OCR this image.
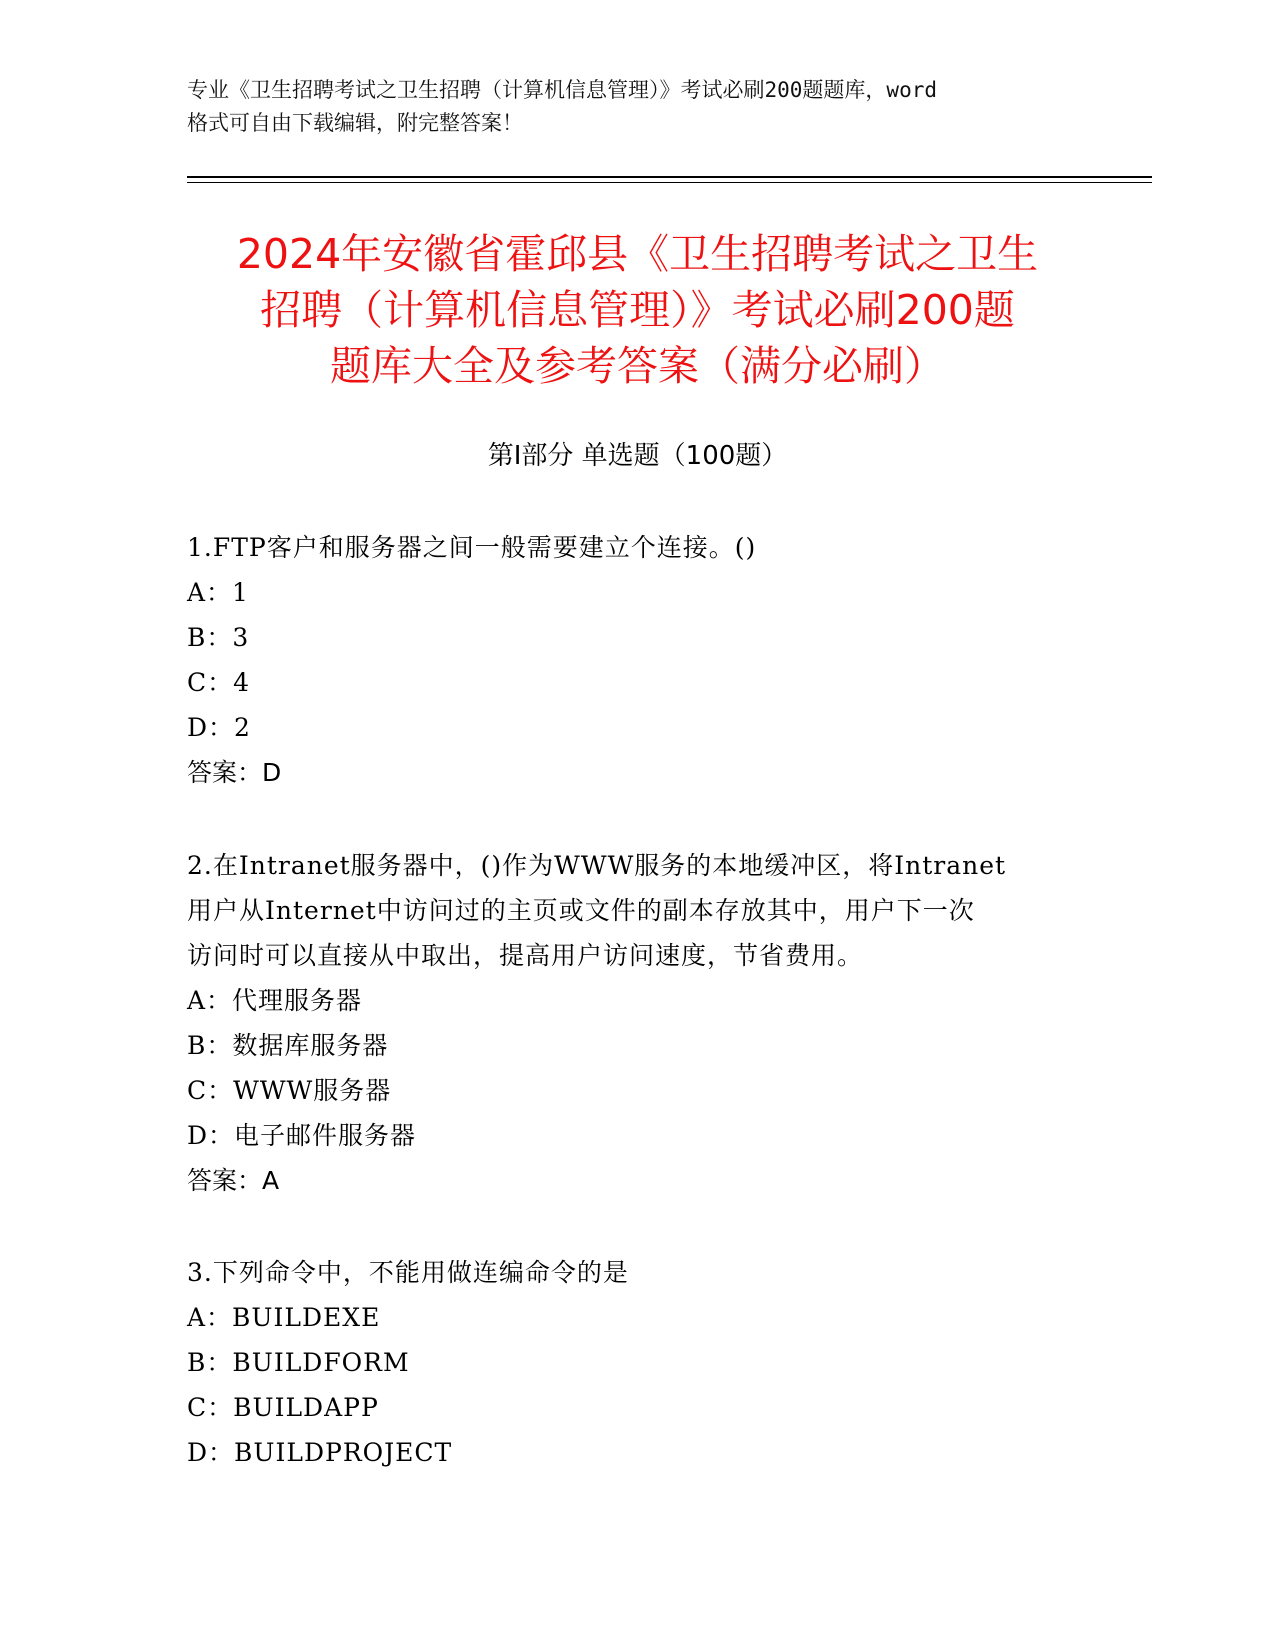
专业《卫生招聘考试之卫生招聘（计算机信息管理）》考试必刷200题题库，word
格式可自由下载编辑，附完整答案！
2024年安徽省霍邱县《卫生招聘考试之卫生
招聘（计算机信息管理）》考试必刷200题
题库大全及参考答案（满分必刷）
第Ⅰ部分 单选题（100题）
1.FTP客户和服务器之间一般需要建立个连接。()
A：1
B：3
C：4
D：2
答案：D
2.在Intranet服务器中，()作为WWW服务的本地缓冲区，将Intranet
用户从Internet中访问过的主页或文件的副本存放其中，用户下一次
访问时可以直接从中取出，提高用户访问速度，节省费用。
A：代理服务器
B：数据库服务器
C：WWW服务器
D：电子邮件服务器
答案：A
3.下列命令中，不能用做连编命令的是
A：BUILDEXE
B：BUILDFORM
C：BUILDAPP
D：BUILDPROJECT
